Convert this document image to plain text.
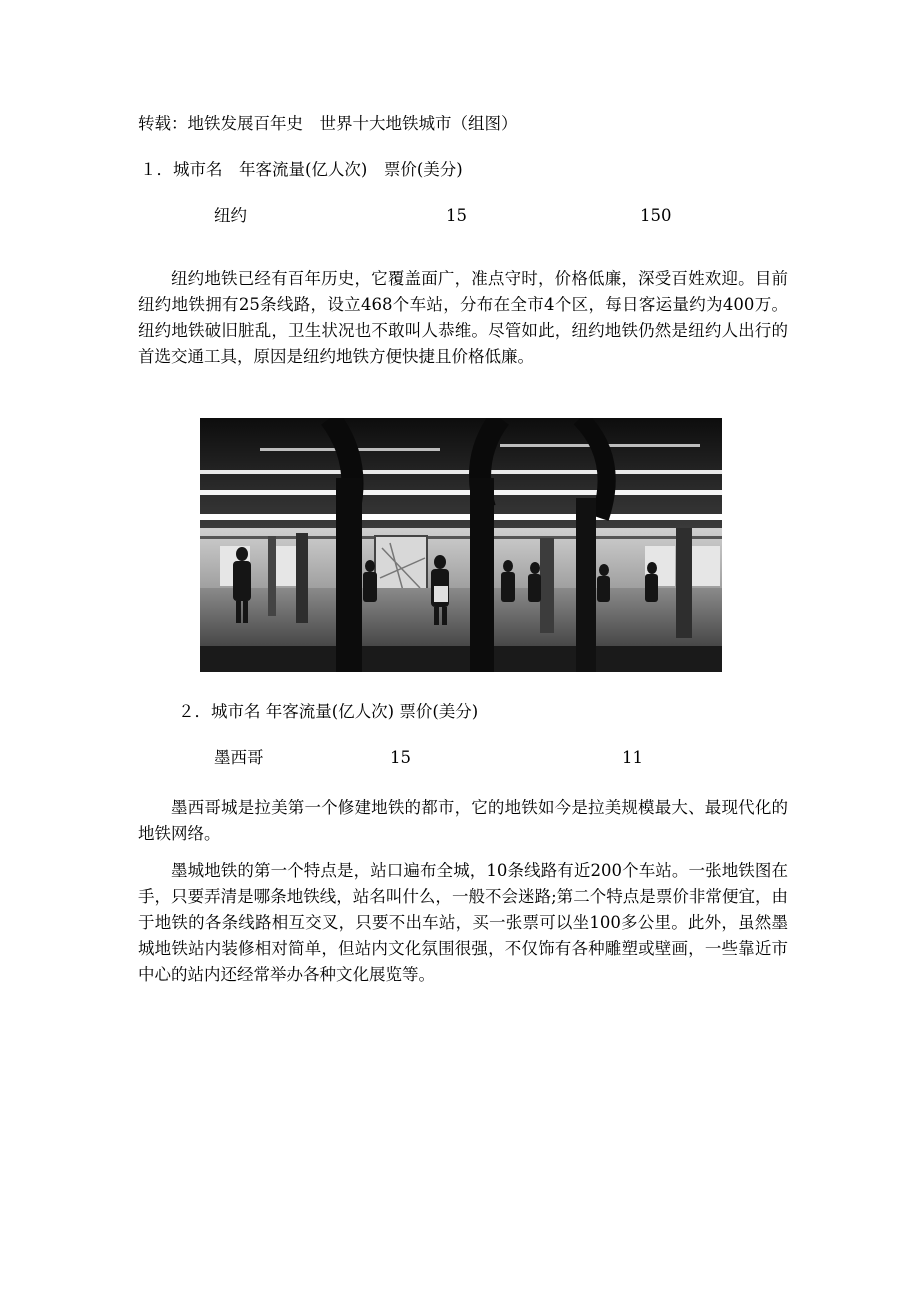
转载：地铁发展百年史　世界十大地铁城市（组图）
１．城市名　年客流量(亿人次)　票价(美分)
纽约	15	150
纽约地铁已经有百年历史，它覆盖面广，准点守时，价格低廉，深受百姓欢迎。目前纽约地铁拥有25条线路，设立468个车站，分布在全市4个区，每日客运量约为400万。纽约地铁破旧脏乱，卫生状况也不敢叫人恭维。尽管如此，纽约地铁仍然是纽约人出行的首选交通工具，原因是纽约地铁方便快捷且价格低廉。
２．城市名 年客流量(亿人次) 票价(美分)
墨西哥	15	11
墨西哥城是拉美第一个修建地铁的都市，它的地铁如今是拉美规模最大、最现代化的地铁网络。
墨城地铁的第一个特点是，站口遍布全城，10条线路有近200个车站。一张地铁图在手，只要弄清是哪条地铁线，站名叫什么，一般不会迷路;第二个特点是票价非常便宜，由于地铁的各条线路相互交叉，只要不出车站，买一张票可以坐100多公里。此外，虽然墨城地铁站内装修相对简单，但站内文化氛围很强，不仅饰有各种雕塑或壁画，一些靠近市中心的站内还经常举办各种文化展览等。
